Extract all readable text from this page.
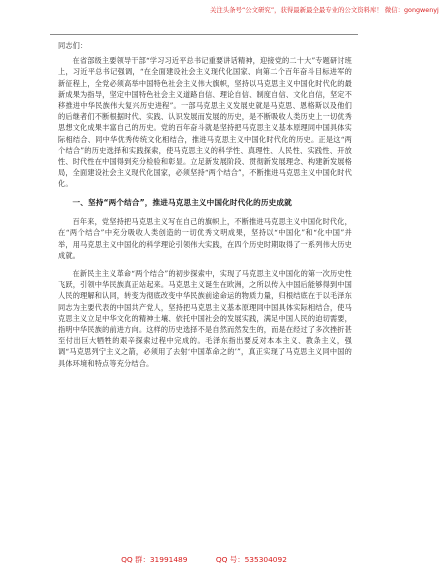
关注头条号“公文研究”，获得最新最全最专业的公文资料库！ 微信：gongwenyj

同志们：

在省部级主要领导干部“学习习近平总书记重要讲话精神，迎接党的二十大”专题研讨班上，习近平总书记强调，“在全面建设社会主义现代化国家、向第二个百年奋斗目标进军的新征程上，全党必须高举中国特色社会主义伟大旗帜，坚持以马克思主义中国化时代化的最新成果为指导，坚定中国特色社会主义道路自信、理论自信、制度自信、文化自信，坚定不移推进中华民族伟大复兴历史进程”。一部马克思主义发展史就是马克思、恩格斯以及他们的后继者们不断根据时代、实践、认识发展而发展的历史，是不断吸收人类历史上一切优秀思想文化成果丰富自己的历史。党的百年奋斗就是坚持把马克思主义基本原理同中国具体实际相结合、同中华优秀传统文化相结合，推进马克思主义中国化时代化的历史。正是这“两个结合”的历史选择和实践探索，使马克思主义的科学性、真理性、人民性、实践性、开放性、时代性在中国得到充分检验和彰显。立足新发展阶段、贯彻新发展理念、构建新发展格局，全面建设社会主义现代化国家，必须坚持“两个结合”，不断推进马克思主义中国化时代化。

一、坚持“两个结合”，推进马克思主义中国化时代化的历史成就

百年来，党坚持把马克思主义写在自己的旗帜上，不断推进马克思主义中国化时代化，在“两个结合”中充分吸收人类创造的一切优秀文明成果，坚持以“中国化”和“化中国”并举，用马克思主义中国化的科学理论引领伟大实践，在四个历史时期取得了一系列伟大历史成就。

在新民主主义革命“两个结合”的初步探索中，实现了马克思主义中国化的第一次历史性飞跃，引领中华民族真正站起来。马克思主义诞生在欧洲，之所以传入中国后能够得到中国人民的理解和认同，转变为彻底改变中华民族前途命运的物质力量，归根结底在于以毛泽东同志为主要代表的中国共产党人，坚持把马克思主义基本原理同中国具体实际相结合，使马克思主义立足中华文化的精神土壤、依托中国社会的发展实践，满足中国人民的迫切需要，指明中华民族的前进方向。这样的历史选择不是自然而然发生的，而是在经过了多次挫折甚至付出巨大牺牲的艰辛探索过程中完成的。毛泽东指出要反对本本主义、教条主义，强调“马克思列宁主义之箭，必须用了去射‘中国革命之的’”，真正实现了马克思主义同中国的具体环境和特点等充分结合。

QQ 群：31991489	QQ 号：535304092
